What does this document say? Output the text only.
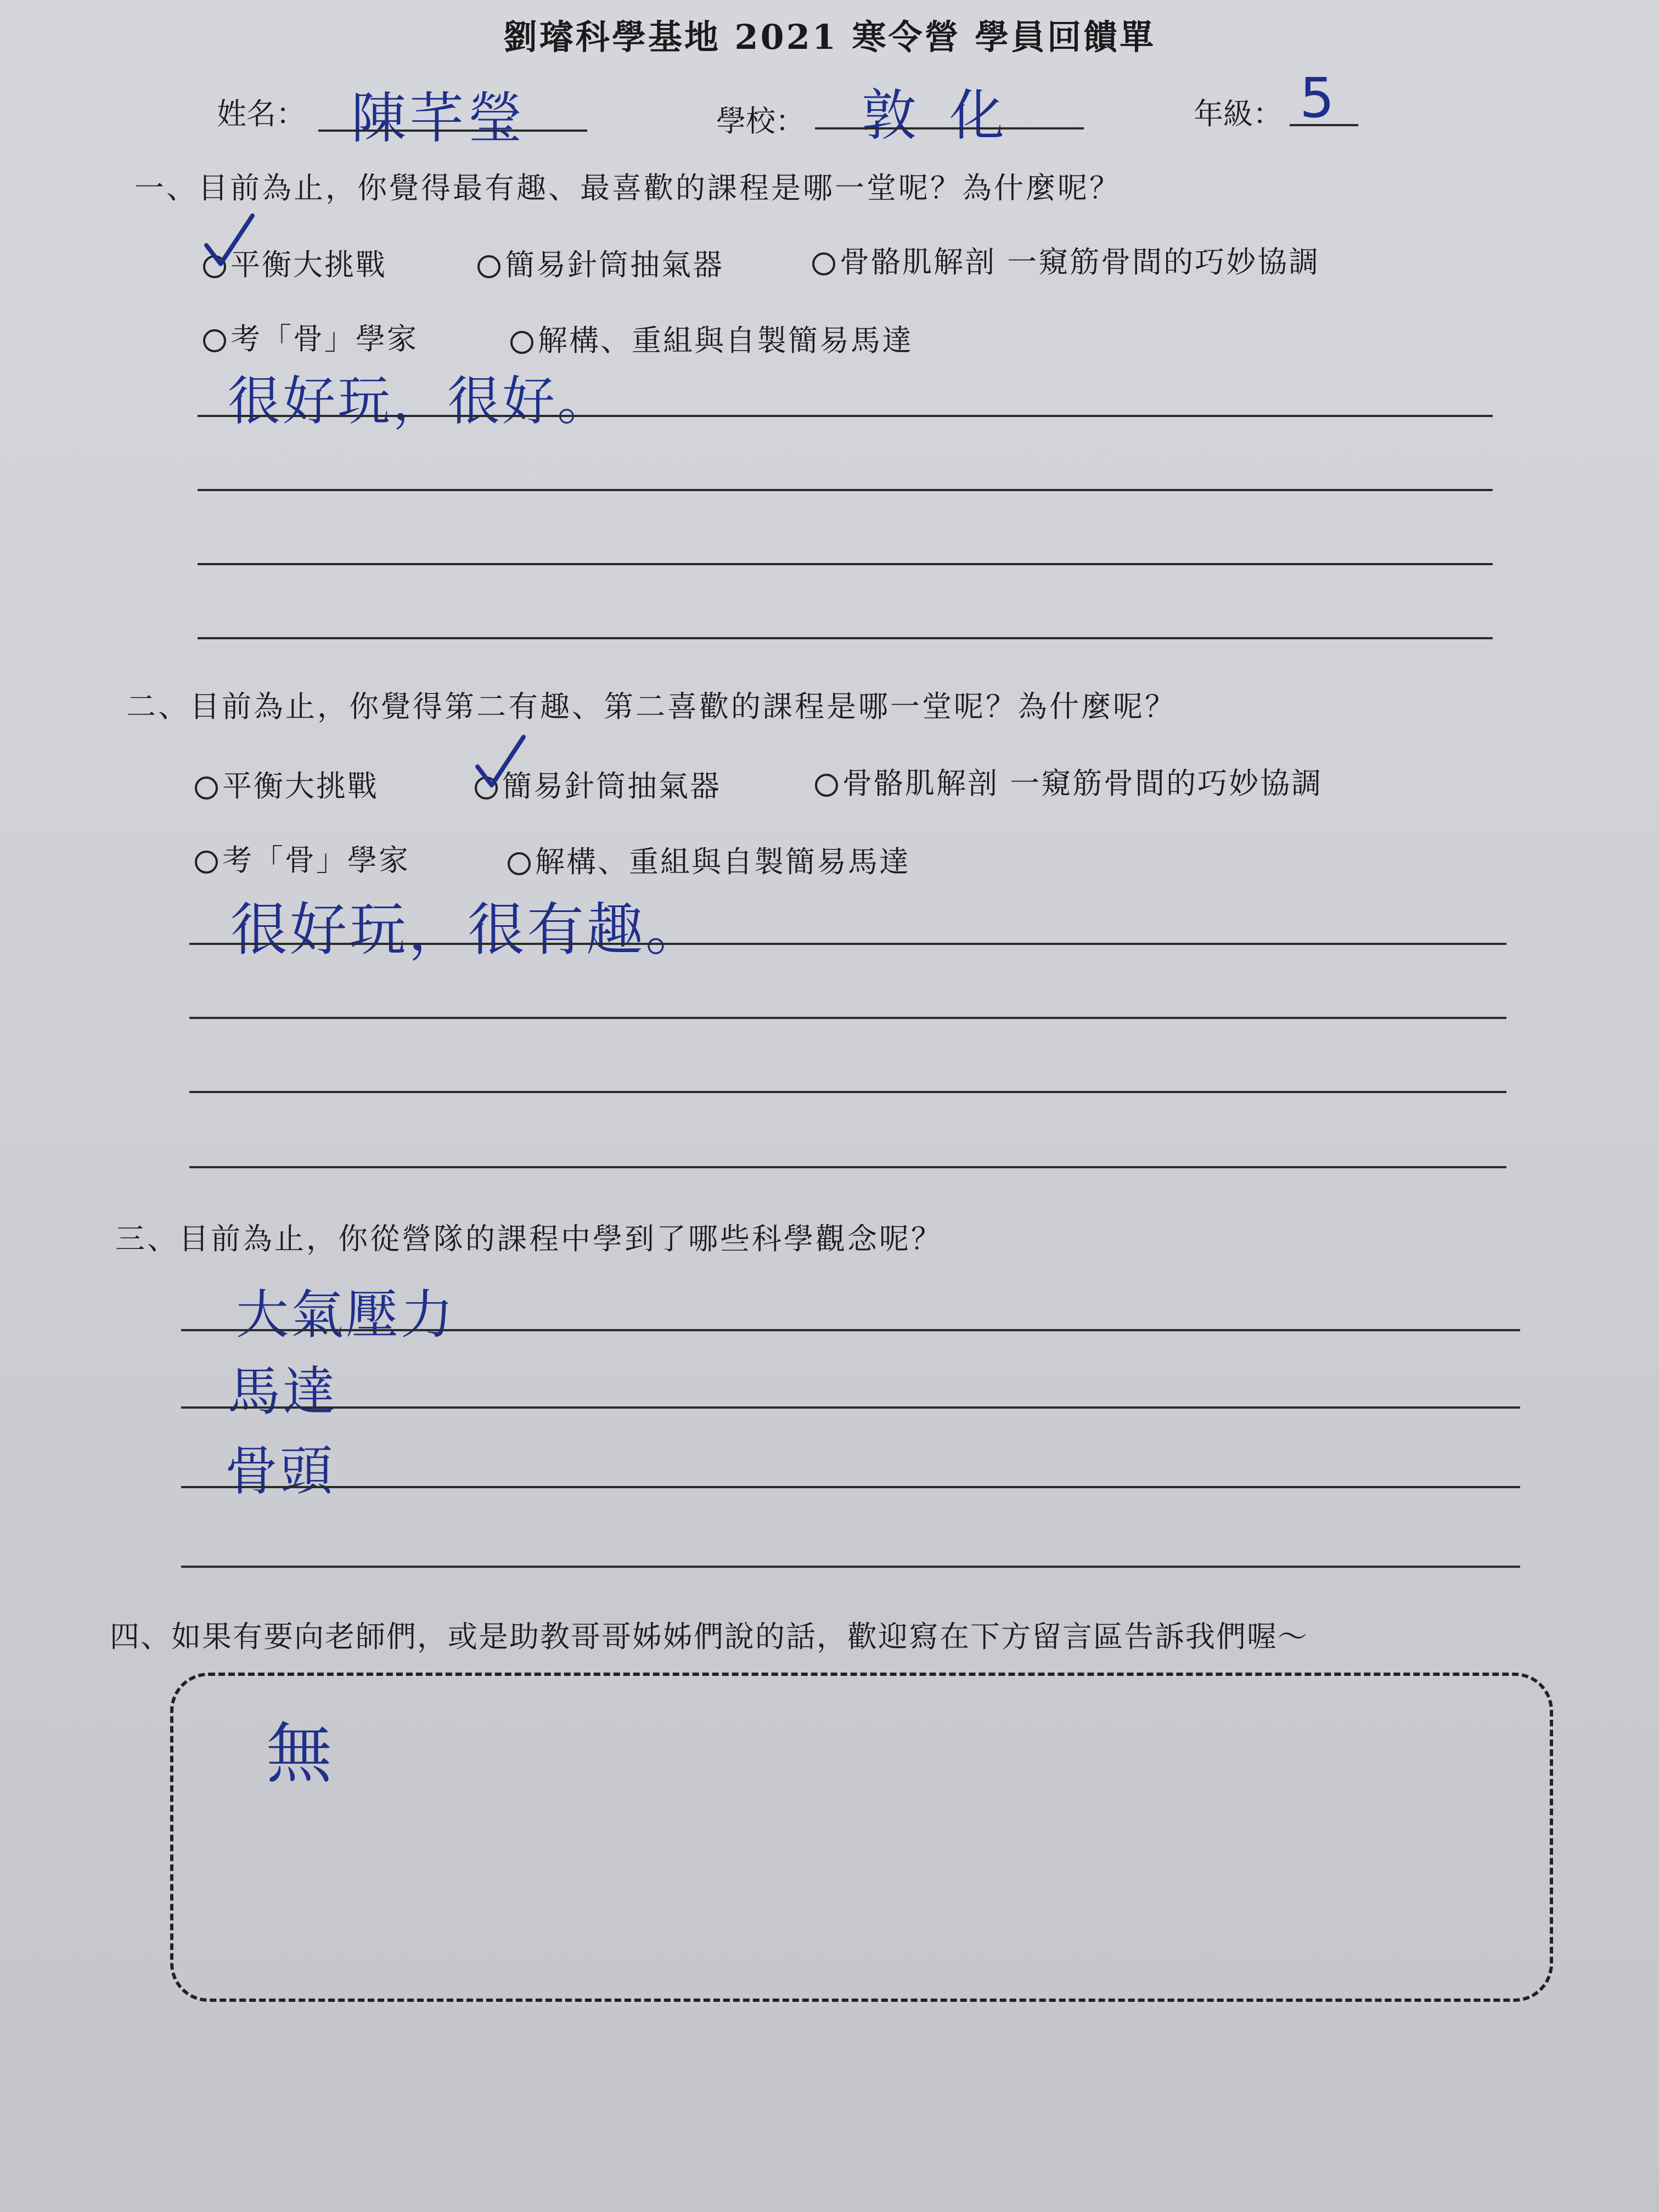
劉璿科學基地 2021 寒令營 學員回饋單
姓名： 陳芊瑩	學校： 敦化	年級： 5
一、目前為止，你覺得最有趣、最喜歡的課程是哪一堂呢？為什麼呢？
平衡大挑戰	簡易針筒抽氣器	骨骼肌解剖 一窺筋骨間的巧妙協調
考「骨」學家	解構、重組與自製簡易馬達
很好玩，很好。
二、目前為止，你覺得第二有趣、第二喜歡的課程是哪一堂呢？為什麼呢？
平衡大挑戰	簡易針筒抽氣器	骨骼肌解剖 一窺筋骨間的巧妙協調
考「骨」學家	解構、重組與自製簡易馬達
很好玩，很有趣。
三、目前為止，你從營隊的課程中學到了哪些科學觀念呢？
大氣壓力
馬達
骨頭
四、如果有要向老師們，或是助教哥哥姊姊們說的話，歡迎寫在下方留言區告訴我們喔～
無
